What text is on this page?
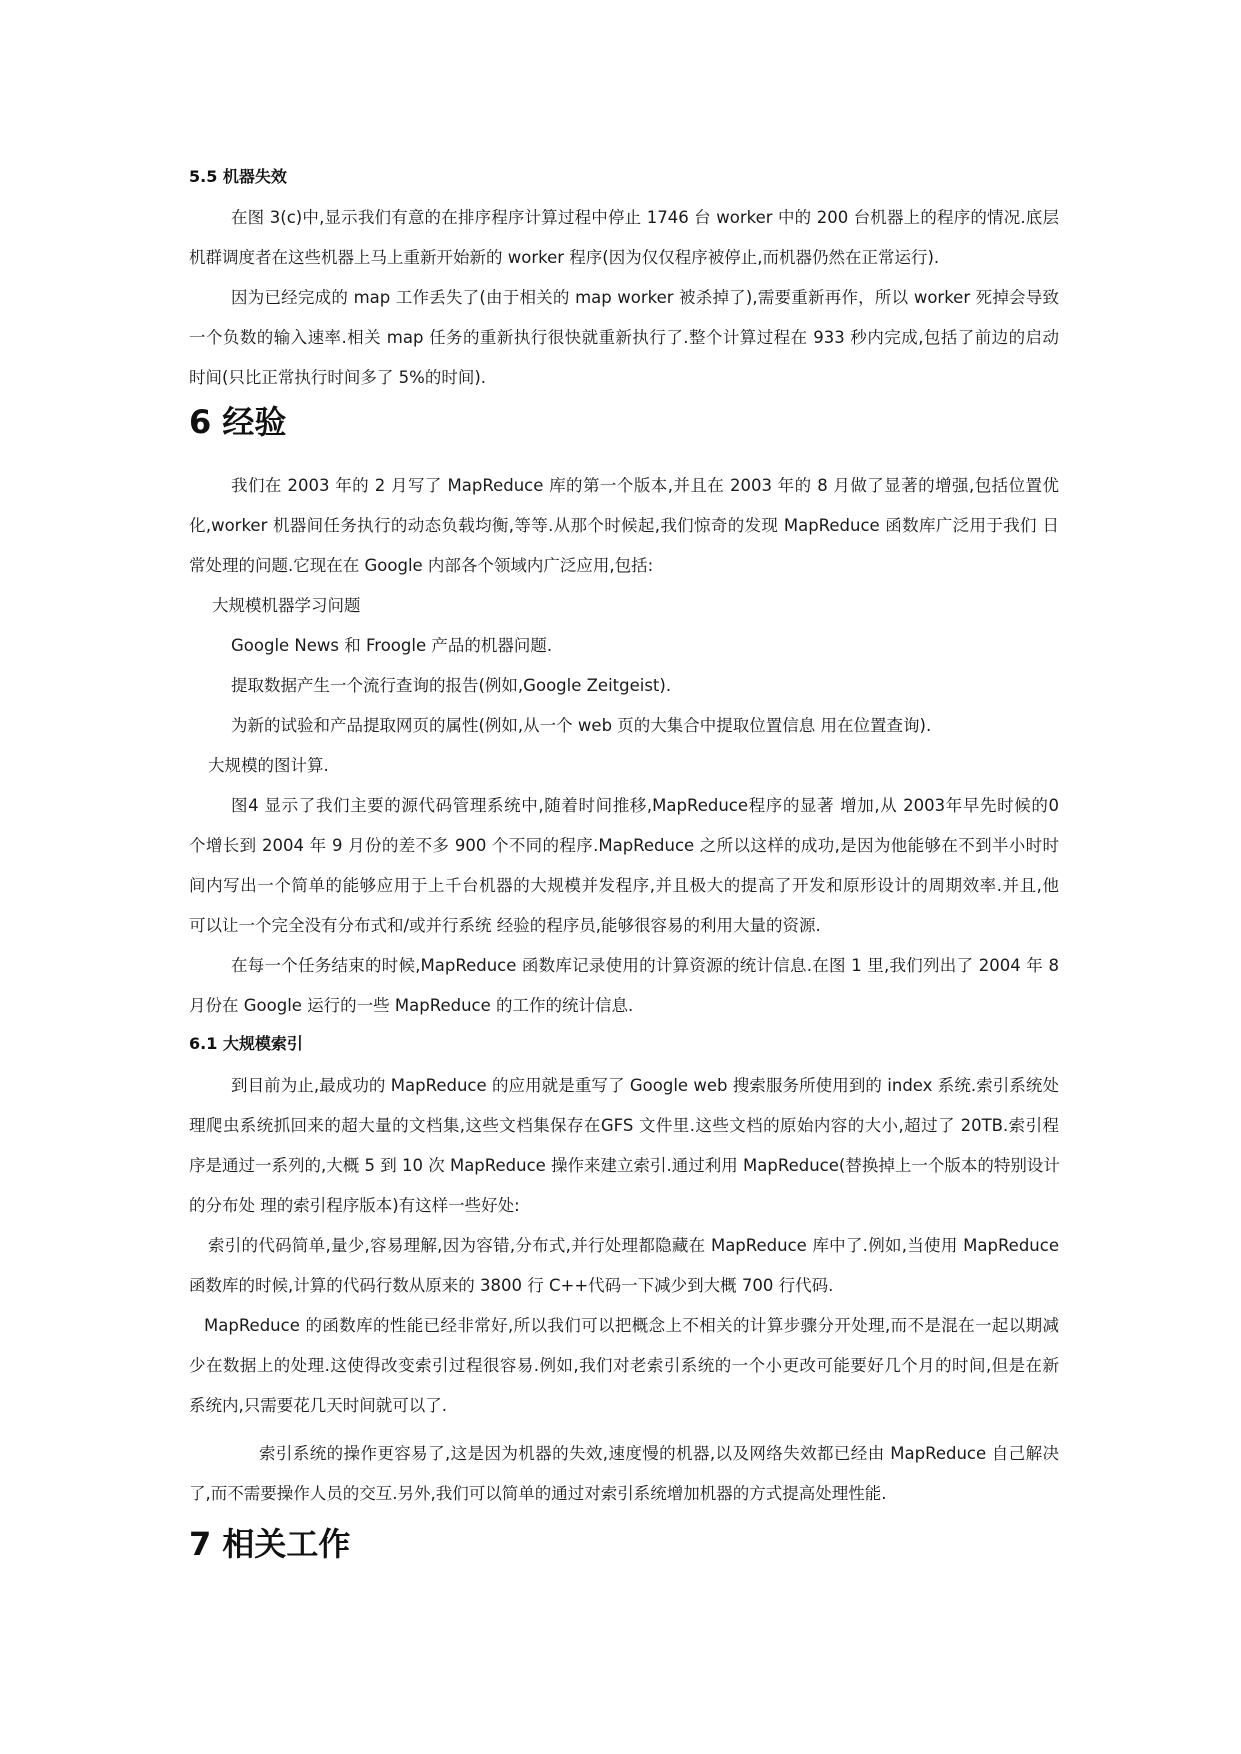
5.5 机器失效
在图 3(c)中,显示我们有意的在排序程序计算过程中停止 1746 台 worker 中的 200 台机器上的程序的情况.底层
机群调度者在这些机器上马上重新开始新的 worker 程序(因为仅仅程序被停止,而机器仍然在正常运行).
因为已经完成的 map 工作丢失了(由于相关的 map worker 被杀掉了),需要重新再作，所以 worker 死掉会导致
一个负数的输入速率.相关 map 任务的重新执行很快就重新执行了.整个计算过程在 933 秒内完成,包括了前边的启动
时间(只比正常执行时间多了 5%的时间).
6 经验
我们在 2003 年的 2 月写了 MapReduce 库的第一个版本,并且在 2003 年的 8 月做了显著的增强,包括位置优
化,worker 机器间任务执行的动态负载均衡,等等.从那个时候起,我们惊奇的发现 MapReduce 函数库广泛用于我们 日
常处理的问题.它现在在 Google 内部各个领域内广泛应用,包括:
大规模机器学习问题
Google News 和 Froogle 产品的机器问题.
提取数据产生一个流行查询的报告(例如,Google Zeitgeist).
为新的试验和产品提取网页的属性(例如,从一个 web 页的大集合中提取位置信息 用在位置查询).
大规模的图计算.
图4 显示了我们主要的源代码管理系统中,随着时间推移,MapReduce程序的显著 增加,从 2003年早先时候的0
个增长到 2004 年 9 月份的差不多 900 个不同的程序.MapReduce 之所以这样的成功,是因为他能够在不到半小时时
间内写出一个简单的能够应用于上千台机器的大规模并发程序,并且极大的提高了开发和原形设计的周期效率.并且,他
可以让一个完全没有分布式和/或并行系统 经验的程序员,能够很容易的利用大量的资源.
在每一个任务结束的时候,MapReduce 函数库记录使用的计算资源的统计信息.在图 1 里,我们列出了 2004 年 8
月份在 Google 运行的一些 MapReduce 的工作的统计信息.
6.1 大规模索引
到目前为止,最成功的 MapReduce 的应用就是重写了 Google web 搜索服务所使用到的 index 系统.索引系统处
理爬虫系统抓回来的超大量的文档集,这些文档集保存在GFS 文件里.这些文档的原始内容的大小,超过了 20TB.索引程
序是通过一系列的,大概 5 到 10 次 MapReduce 操作来建立索引.通过利用 MapReduce(替换掉上一个版本的特别设计
的分布处 理的索引程序版本)有这样一些好处:
索引的代码简单,量少,容易理解,因为容错,分布式,并行处理都隐藏在 MapReduce 库中了.例如,当使用 MapReduce
函数库的时候,计算的代码行数从原来的 3800 行 C++代码一下减少到大概 700 行代码.
MapReduce 的函数库的性能已经非常好,所以我们可以把概念上不相关的计算步骤分开处理,而不是混在一起以期减
少在数据上的处理.这使得改变索引过程很容易.例如,我们对老索引系统的一个小更改可能要好几个月的时间,但是在新
系统内,只需要花几天时间就可以了.
索引系统的操作更容易了,这是因为机器的失效,速度慢的机器,以及网络失效都已经由 MapReduce 自己解决
了,而不需要操作人员的交互.另外,我们可以简单的通过对索引系统增加机器的方式提高处理性能.
7 相关工作
